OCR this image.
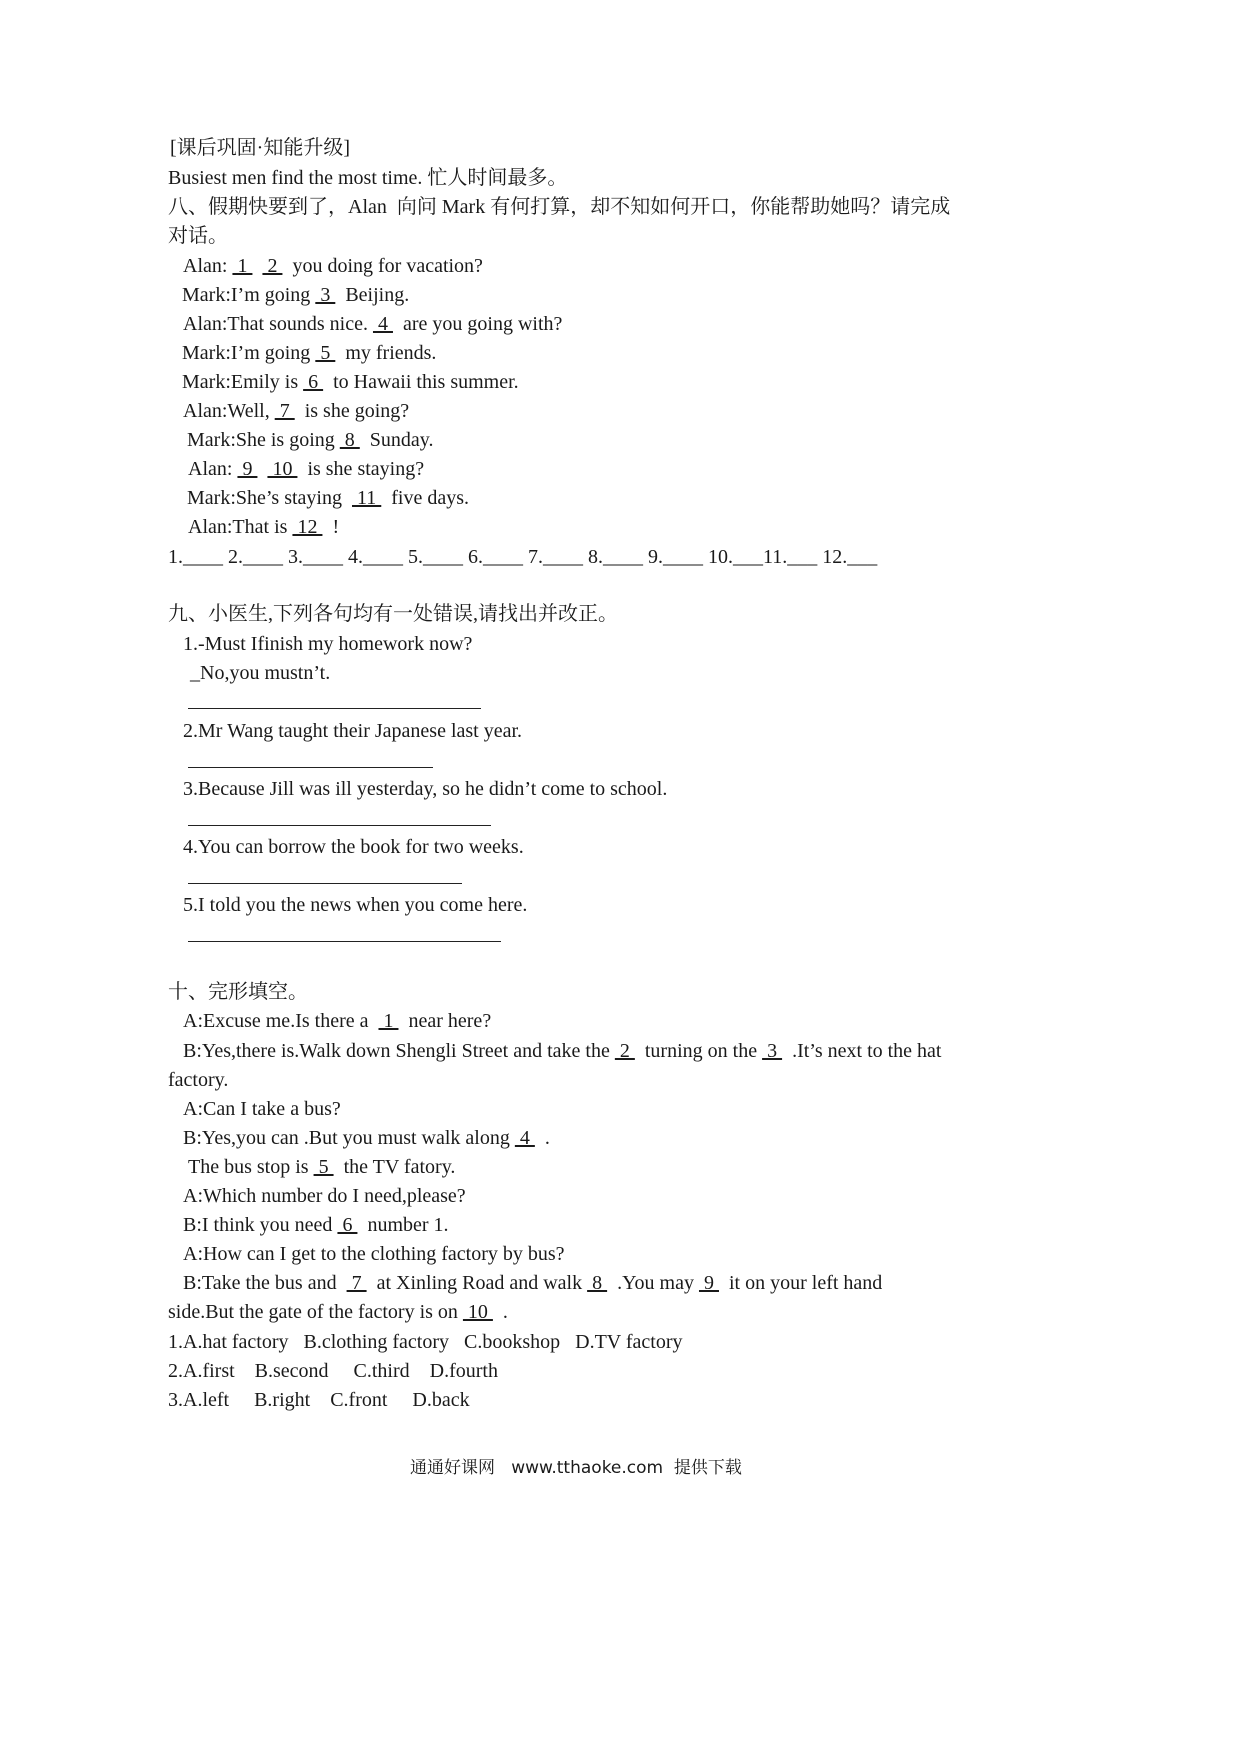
[课后巩固·知能升级]
Busiest men find the most time. 忙人时间最多。
八、假期快要到了，Alan  向问 Mark 有何打算，却不知如何开口，你能帮助她吗？请完成
对话。
Alan:  1    2   you doing for vacation?
Mark:I’m going  3   Beijing.
Alan:That sounds nice.  4   are you going with?
Mark:I’m going  5   my friends.
Mark:Emily is  6   to Hawaii this summer.
Alan:Well,  7   is she going?
Mark:She is going  8   Sunday.
Alan:  9    10   is she staying?
Mark:She’s staying   11   five days.
Alan:That is  12   !
1.____ 2.____ 3.____ 4.____ 5.____ 6.____ 7.____ 8.____ 9.____ 10.___11.___ 12.___
九、小医生,下列各句均有一处错误,请找出并改正。
1.-Must Ifinish my homework now?
_No,you mustn’t.
2.Mr Wang taught their Japanese last year.
3.Because Jill was ill yesterday, so he didn’t come to school.
4.You can borrow the book for two weeks.
5.I told you the news when you come here.
十、完形填空。
A:Excuse me.Is there a   1   near here?
B:Yes,there is.Walk down Shengli Street and take the  2   turning on the  3   .It’s next to the hat
factory.
A:Can I take a bus?
B:Yes,you can .But you must walk along  4   .
The bus stop is  5   the TV fatory.
A:Which number do I need,please?
B:I think you need  6   number 1.
A:How can I get to the clothing factory by bus?
B:Take the bus and   7   at Xinling Road and walk  8   .You may  9   it on your left hand
side.But the gate of the factory is on  10   .
1.A.hat factory   B.clothing factory   C.bookshop   D.TV factory
2.A.first    B.second     C.third    D.fourth
3.A.left     B.right    C.front     D.back
通通好课网   www.tthaoke.com  提供下载
